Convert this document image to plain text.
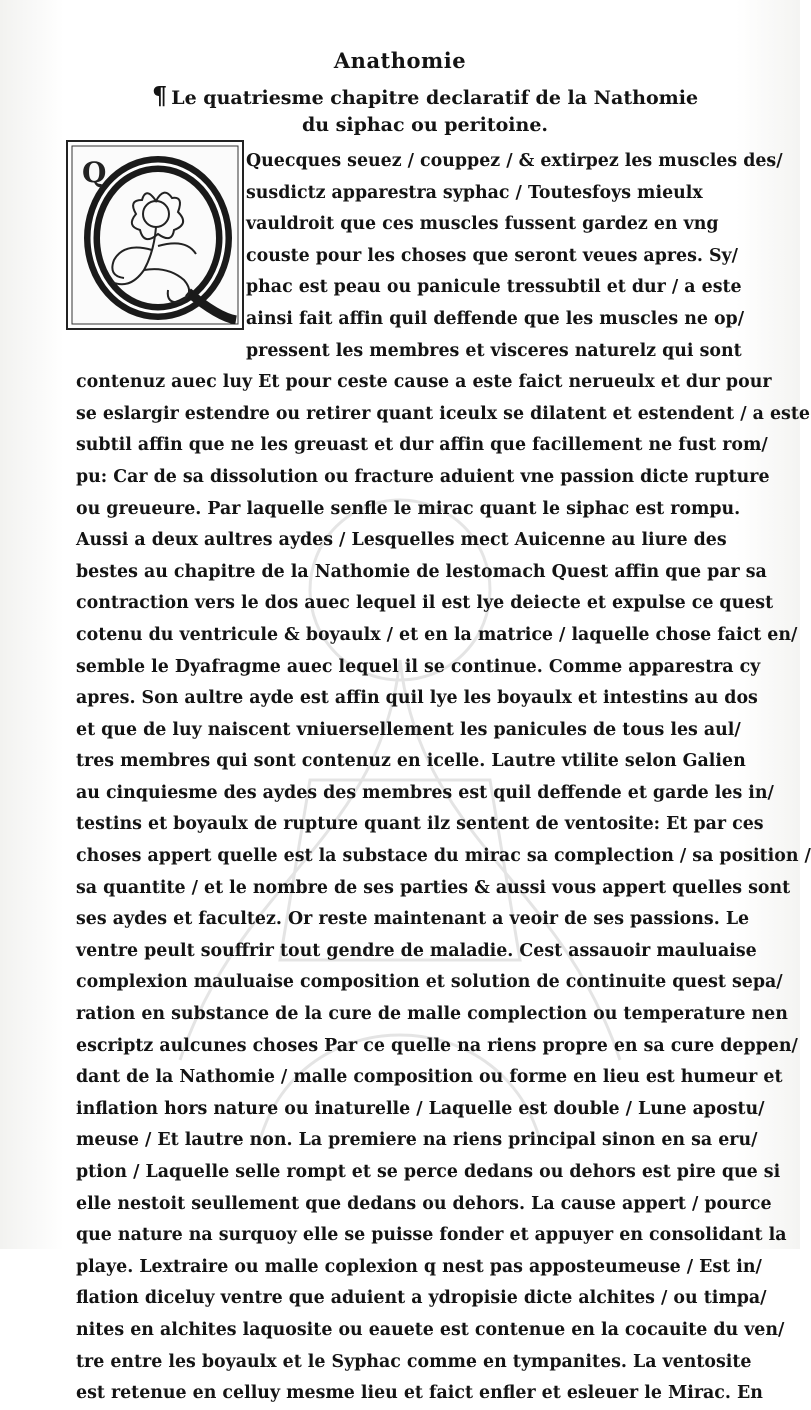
Anathomie
¶ Le quatriesme chapitre declaratif de la Nathomie
du siphac ou peritoine.
Q	Quecques seuez / couppez / & extirpez les muscles des/
susdictz apparestra syphac / Toutesfoys mieulx
vauldroit que ces muscles fussent gardez en vng
couste pour les choses que seront veues apres. Sy/
phac est peau ou panicule tressubtil et dur / a este
ainsi fait affin quil deffende que les muscles ne op/
pressent les membres et visceres naturelz qui sont
contenuz auec luy Et pour ceste cause a este faict nerueulx et dur pour
se eslargir estendre ou retirer quant iceulx se dilatent et estendent / a este
subtil affin que ne les greuast et dur affin que facillement ne fust rom/
pu: Car de sa dissolution ou fracture aduient vne passion dicte rupture
ou greueure. Par laquelle senfle le mirac quant le siphac est rompu.
Aussi a deux aultres aydes / Lesquelles mect Auicenne au liure des
bestes au chapitre de la Nathomie de lestomach Quest affin que par sa
contraction vers le dos auec lequel il est lye deiecte et expulse ce quest
cotenu du ventricule & boyaulx / et en la matrice / laquelle chose faict en/
semble le Dyafragme auec lequel il se continue. Comme apparestra cy
apres. Son aultre ayde est affin quil lye les boyaulx et intestins au dos
et que de luy naiscent vniuersellement les panicules de tous les aul/
tres membres qui sont contenuz en icelle. Lautre vtilite selon Galien
au cinquiesme des aydes des membres est quil deffende et garde les in/
testins et boyaulx de rupture quant ilz sentent de ventosite: Et par ces
choses appert quelle est la substace du mirac sa complection / sa position /
sa quantite / et le nombre de ses parties & aussi vous appert quelles sont
ses aydes et facultez. Or reste maintenant a veoir de ses passions. Le
ventre peult souffrir tout gendre de maladie. Cest assauoir mauluaise
complexion mauluaise composition et solution de continuite quest sepa/
ration en substance de la cure de malle complection ou temperature nen
escriptz aulcunes choses Par ce quelle na riens propre en sa cure deppen/
dant de la Nathomie / malle composition ou forme en lieu est humeur et
inflation hors nature ou inaturelle / Laquelle est double / Lune apostu/
meuse / Et lautre non. La premiere na riens principal sinon en sa eru/
ption / Laquelle selle rompt et se perce dedans ou dehors est pire que si
elle nestoit seullement que dedans ou dehors. La cause appert / pource
que nature na surquoy elle se puisse fonder et appuyer en consolidant la
playe. Lextraire ou malle coplexion q nest pas apposteumeuse / Est in/
flation diceluy ventre que aduient a ydropisie dicte alchites / ou timpa/
nites en alchites laquosite ou eauete est contenue en la cocauite du ven/
tre entre les boyaulx et le Syphac comme en tympanites. La ventosite
est retenue en celluy mesme lieu et faict enfler et esleuer le Mirac. En
